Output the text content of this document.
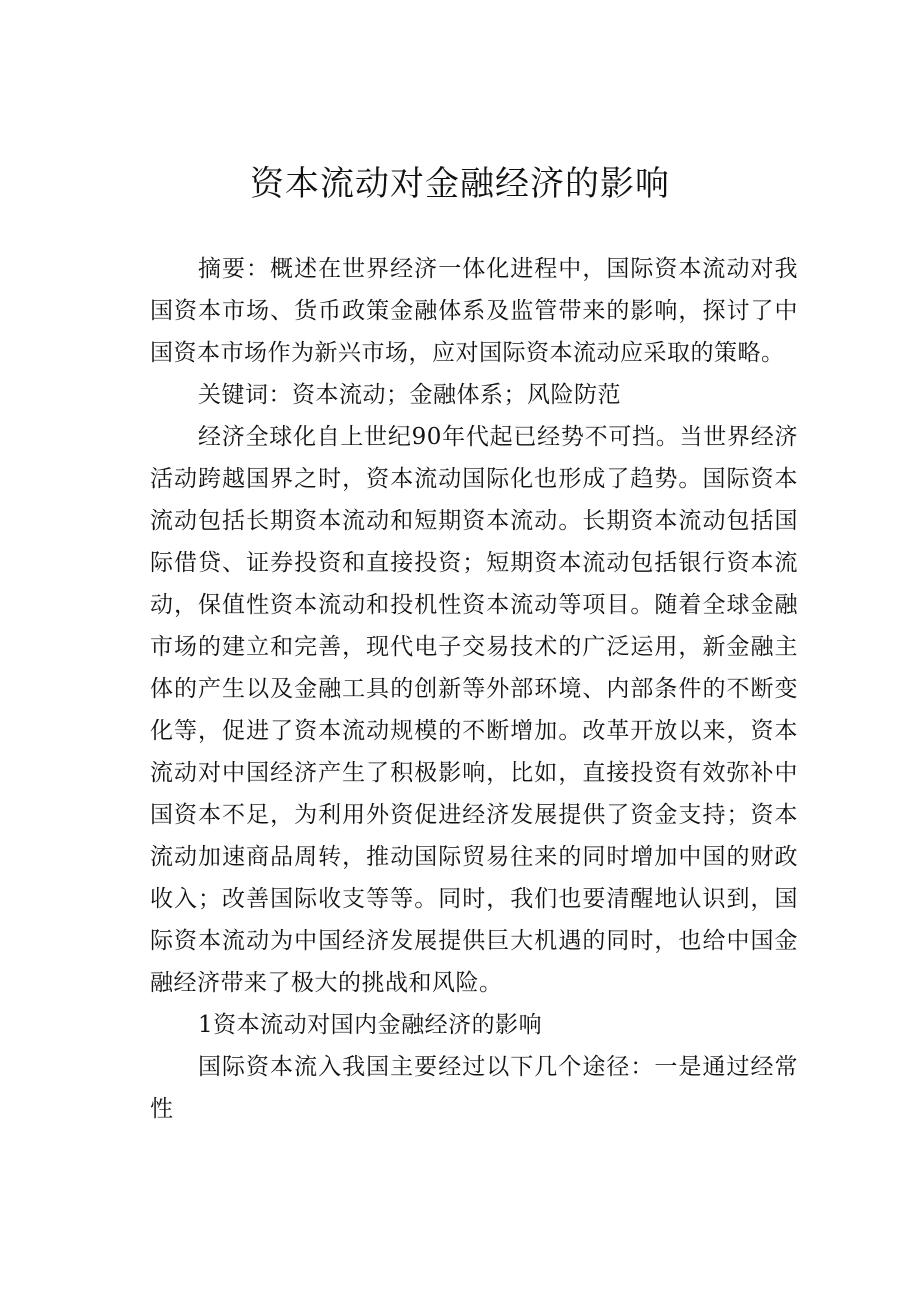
资本流动对金融经济的影响

摘要：概述在世界经济一体化进程中，国际资本流动对我国资本市场、货币政策金融体系及监管带来的影响，探讨了中国资本市场作为新兴市场，应对国际资本流动应采取的策略。

关键词：资本流动；金融体系；风险防范

经济全球化自上世纪90年代起已经势不可挡。当世界经济活动跨越国界之时，资本流动国际化也形成了趋势。国际资本流动包括长期资本流动和短期资本流动。长期资本流动包括国际借贷、证券投资和直接投资；短期资本流动包括银行资本流动，保值性资本流动和投机性资本流动等项目。随着全球金融市场的建立和完善，现代电子交易技术的广泛运用，新金融主体的产生以及金融工具的创新等外部环境、内部条件的不断变化等，促进了资本流动规模的不断增加。改革开放以来，资本流动对中国经济产生了积极影响，比如，直接投资有效弥补中国资本不足，为利用外资促进经济发展提供了资金支持；资本流动加速商品周转，推动国际贸易往来的同时增加中国的财政收入；改善国际收支等等。同时，我们也要清醒地认识到，国际资本流动为中国经济发展提供巨大机遇的同时，也给中国金融经济带来了极大的挑战和风险。

1资本流动对国内金融经济的影响

国际资本流入我国主要经过以下几个途径：一是通过经常性
